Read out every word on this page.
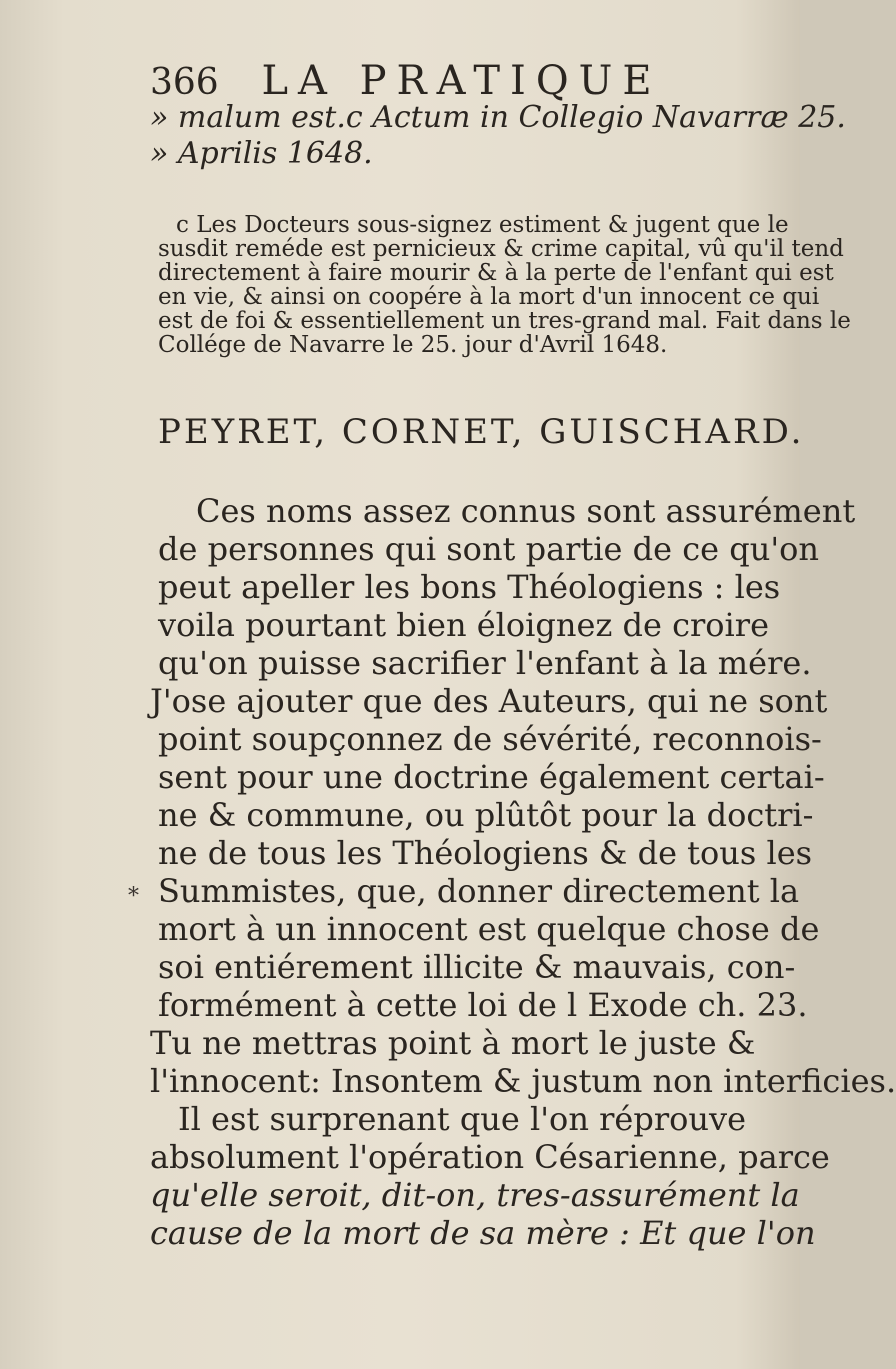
366 LA PRATIQUE
» malum est.c Actum in Collegio Navarræ 25.
» Aprilis 1648.
c Les Docteurs sous-signez estiment & jugent que le
susdit reméde est pernicieux & crime capital, vû qu'il tend
directement à faire mourir & à la perte de l'enfant qui est
en vie, & ainsi on coopére à la mort d'un innocent ce qui
est de foi & essentiellement un tres-grand mal. Fait dans le
Collége de Navarre le 25. jour d'Avril 1648.
PEYRET, CORNET, GUISCHARD.
Ces noms assez connus sont assurément
de personnes qui sont partie de ce qu'on
peut apeller les bons Théologiens : les
voila pourtant bien éloignez de croire
qu'on puisse sacrifier l'enfant à la mére.
J'ose ajouter que des Auteurs, qui ne sont
point soupçonnez de sévérité, reconnois-
sent pour une doctrine également certai-
ne & commune, ou plûtôt pour la doctri-
ne de tous les Théologiens & de tous les
* Summistes, que, donner directement la
mort à un innocent est quelque chose de
soi entiérement illicite & mauvais, con-
formément à cette loi de l Exode ch. 23.
Tu ne mettras point à mort le juste &
l'innocent: Insontem & justum non interficies.
Il est surprenant que l'on réprouve
absolument l'opération Césarienne, parce
qu'elle seroit, dit-on, tres-assurément la
cause de la mort de sa mère : Et que l'on
